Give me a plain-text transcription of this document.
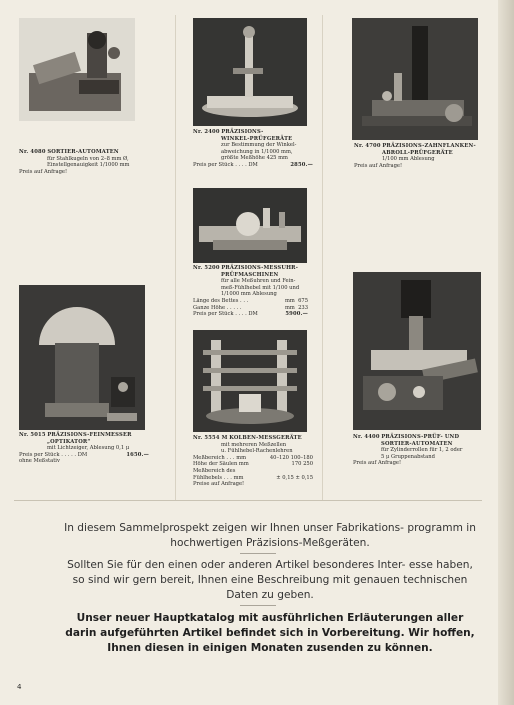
Nr. 4080 SORTIER-AUTOMATEN
für Stahlkugeln von 2–8 mm Ø,
Einstellgenauigkeit 1/1000 mm
Preis auf Anfrage!
Nr. 2400 PRÄZISIONS-
WINKEL-PRÜFGERÄTE
zur Bestimmung der Winkel-
abweichung in 1/1000 mm,
größte Meßhöhe 425 mm
Preis per Stück . . . . DM	2850.—
Nr. 4700 PRÄZISIONS-ZAHNFLANKEN-
ABROLL-PRÜFGERÄTE
1/100 mm Ablesung
Preis auf Anfrage!
Nr. 5200 PRÄZISIONS-MESSUHR-
PRÜFMASCHINEN
für alle Meßuhren und Fein-
meß-Fühlhebel mit 1/100 und
1/1000 mm Ablesung
Länge des Bettes . . .	mm 675
Ganze Höhe . . . . .	mm 233
Preis per Stück . . . . DM	5900.—
Nr. 5015 PRÄZISIONS-FEINMESSER
„OPTIKATOR“
mit Lichtzeiger, Ablesung 0,1 μ
Preis per Stück . . . . . DM	1650.—
ohne Meßstativ
Nr. 5554 M KOLBEN-MESSGERÄTE
mit mehreren Meßzellen
u. Fühlhebel-Rachenlehren
Meßbereich . . . mm	40–120 100–180
Höhe der Säulen mm	170 250
Meßbereich des
Fühlhebels . . . mm	± 0,15 ± 0,15
Preise auf Anfrage!
Nr. 4400 PRÄZISIONS-PRÜF- UND
SORTIER-AUTOMATEN
für Zylinderrollen für 1, 2 oder
5 μ Gruppenabstand
Preis auf Anfrage!
In diesem Sammelprospekt zeigen wir Ihnen unser Fabrikations- programm in hochwertigen Präzisions-Meßgeräten.
Sollten Sie für den einen oder anderen Artikel besonderes Inter- esse haben, so sind wir gern bereit, Ihnen eine Beschreibung mit genauen technischen Daten zu geben.
Unser neuer Hauptkatalog mit ausführlichen Erläuterungen aller darin aufgeführten Artikel befindet sich in Vorbereitung. Wir hoffen, Ihnen diesen in einigen Monaten zusenden zu können.
4
